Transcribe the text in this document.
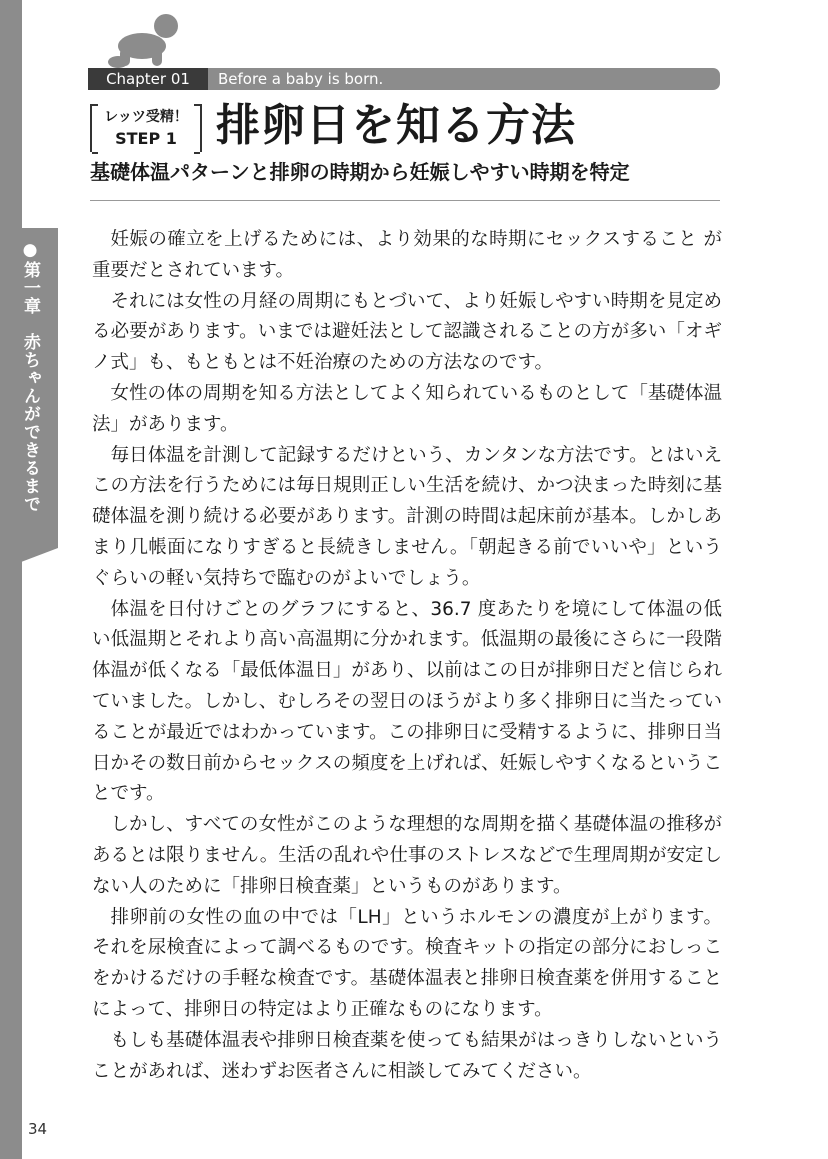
●第一章　赤ちゃんができるまで
Chapter 01	Before a baby is born.
レッツ受精！
STEP 1 排卵日を知る方法
基礎体温パターンと排卵の時期から妊娠しやすい時期を特定

妊娠の確立を上げるためには、より効果的な時期にセックスすること が重要だとされています。

それには女性の月経の周期にもとづいて、より妊娠しやすい時期を見定める必要があります。いまでは避妊法として認識されることの方が多い「オギノ式」も、もともとは不妊治療のための方法なのです。

女性の体の周期を知る方法としてよく知られているものとして「基礎体温法」があります。

毎日体温を計測して記録するだけという、カンタンな方法です。とはいえこの方法を行うためには毎日規則正しい生活を続け、かつ決まった時刻に基礎体温を測り続ける必要があります。計測の時間は起床前が基本。しかしあまり几帳面になりすぎると長続きしません。「朝起きる前でいいや」というぐらいの軽い気持ちで臨むのがよいでしょう。

体温を日付けごとのグラフにすると、36.7 度あたりを境にして体温の低い低温期とそれより高い高温期に分かれます。低温期の最後にさらに一段階体温が低くなる「最低体温日」があり、以前はこの日が排卵日だと信じられていました。しかし、むしろその翌日のほうがより多く排卵日に当たっていることが最近ではわかっています。この排卵日に受精するように、排卵日当日かその数日前からセックスの頻度を上げれば、妊娠しやすくなるということです。

しかし、すべての女性がこのような理想的な周期を描く基礎体温の推移があるとは限りません。生活の乱れや仕事のストレスなどで生理周期が安定しない人のために「排卵日検査薬」というものがあります。

排卵前の女性の血の中では「LH」というホルモンの濃度が上がります。それを尿検査によって調べるものです。検査キットの指定の部分におしっこをかけるだけの手軽な検査です。基礎体温表と排卵日検査薬を併用することによって、排卵日の特定はより正確なものになります。

もしも基礎体温表や排卵日検査薬を使っても結果がはっきりしないということがあれば、迷わずお医者さんに相談してみてください。

34
